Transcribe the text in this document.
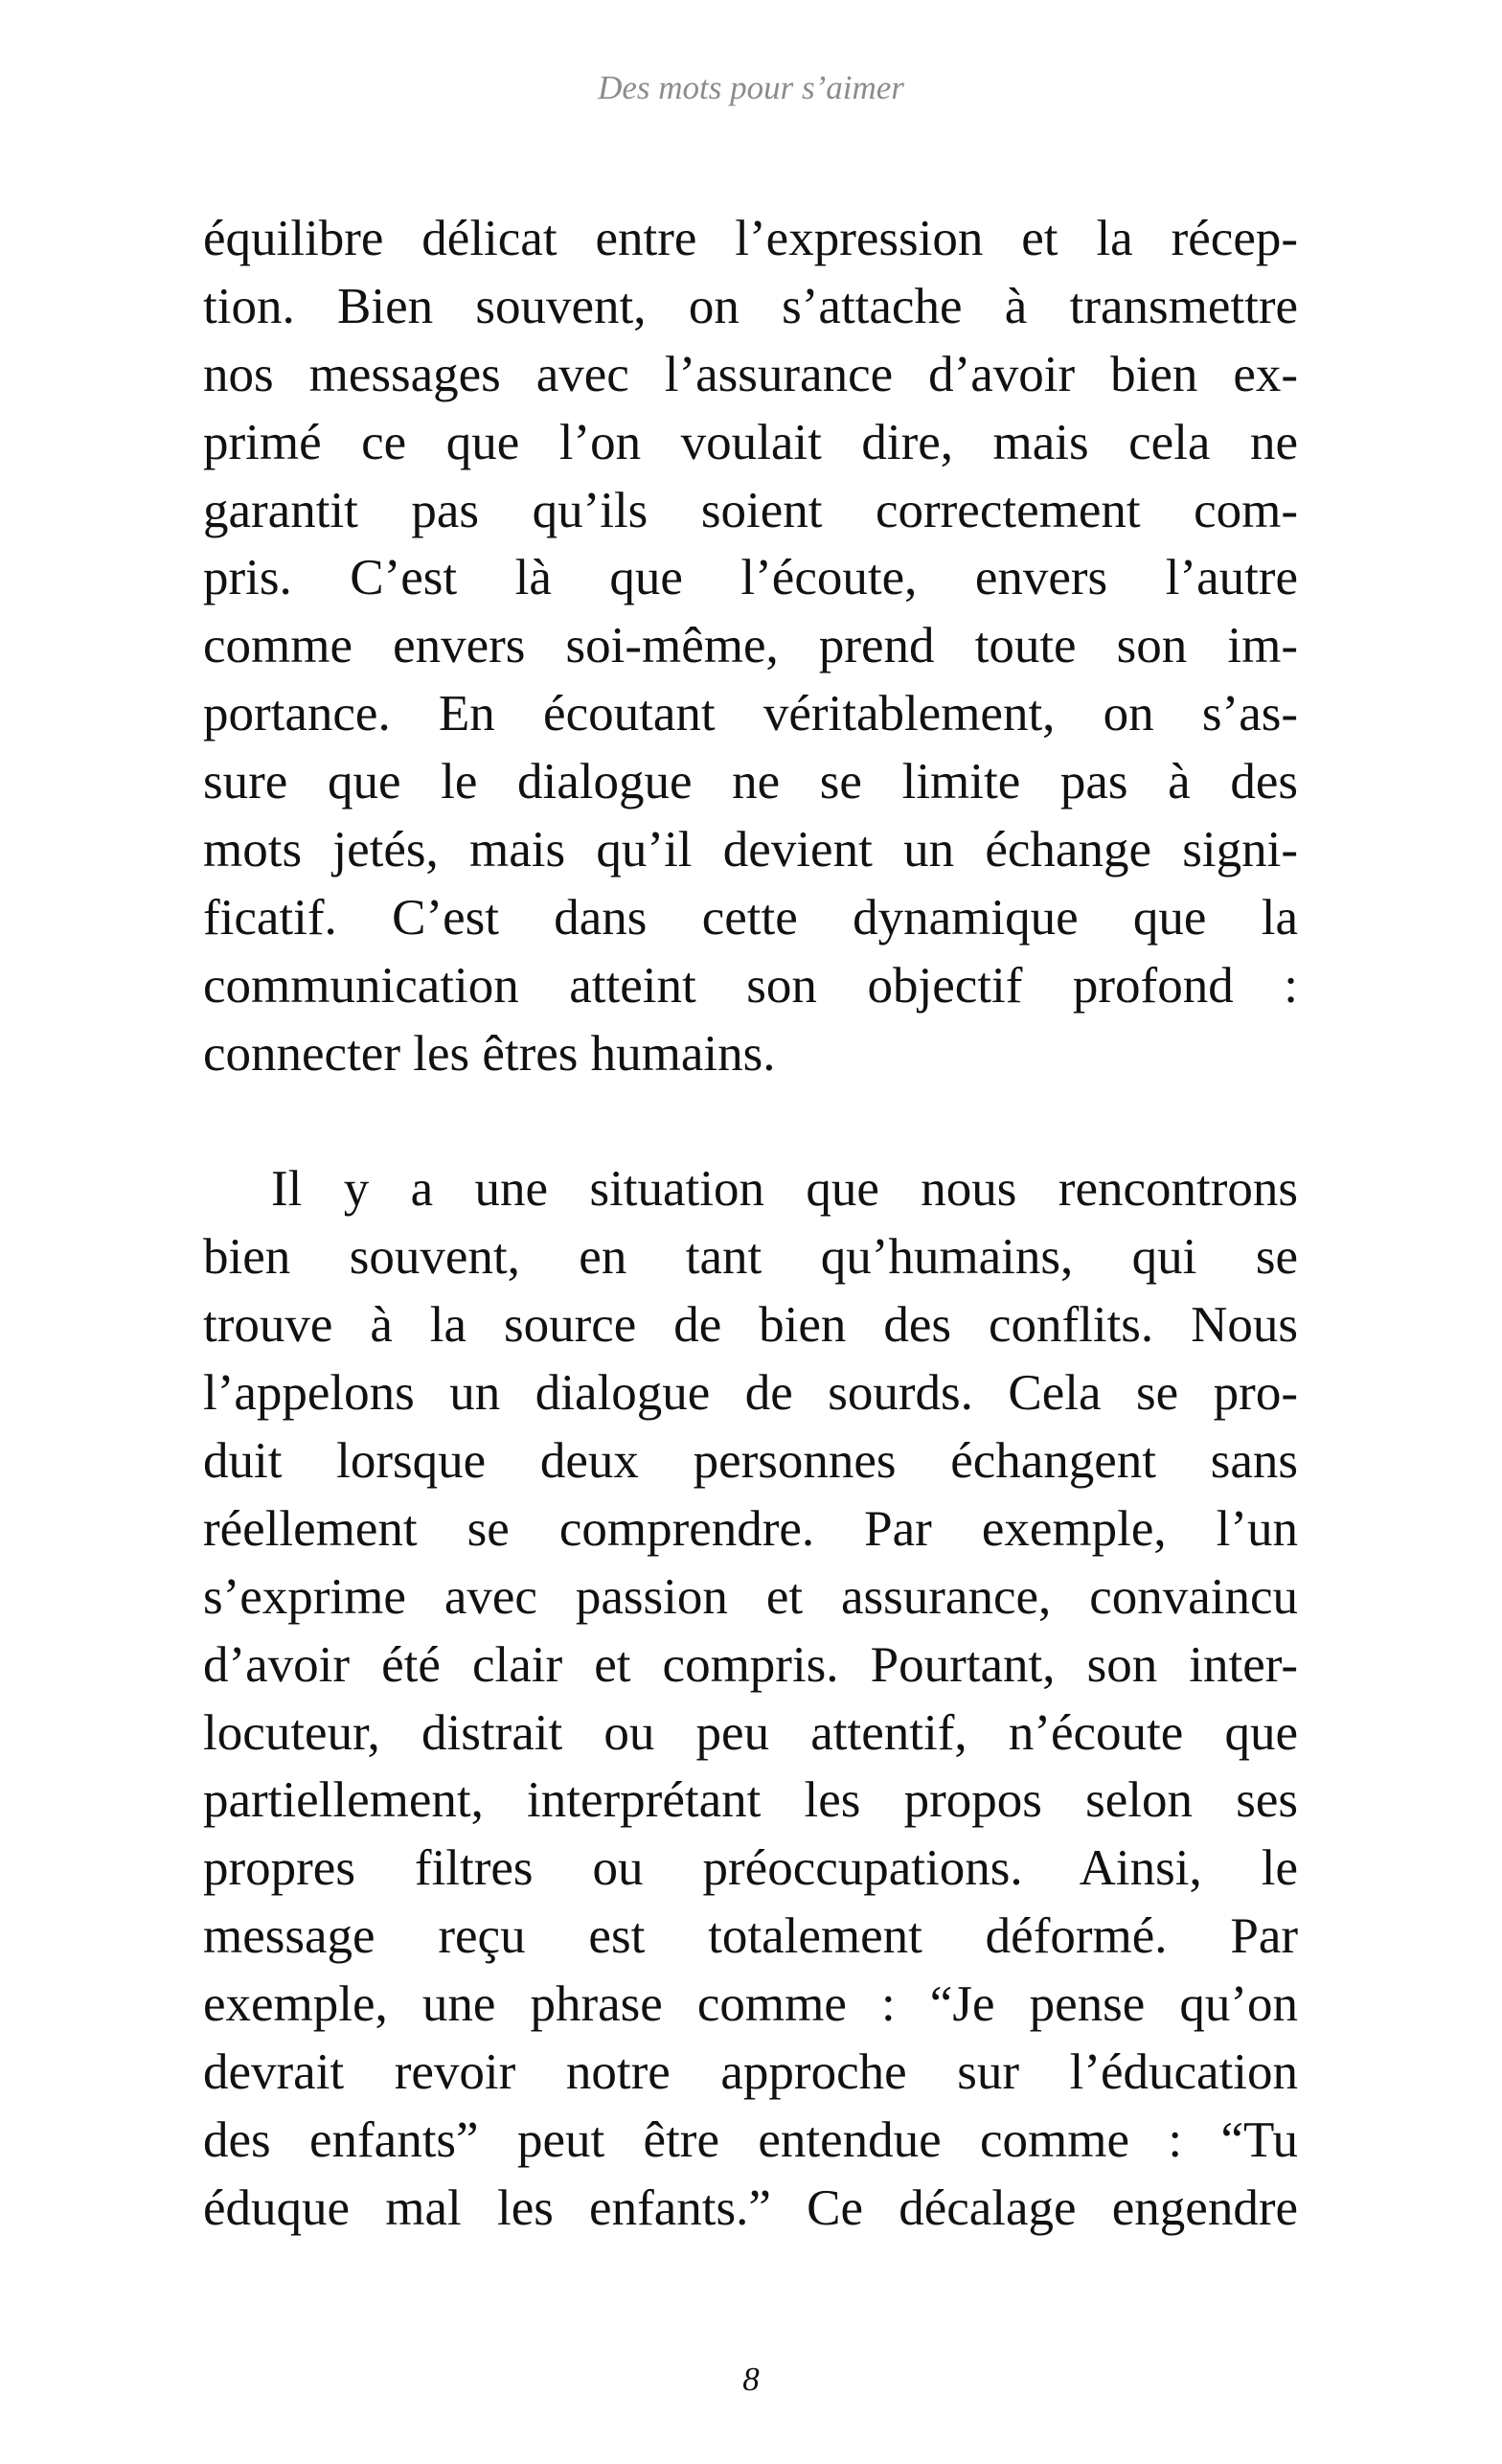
Des mots pour s’aimer

équilibre délicat entre l’expression et la récep-
tion. Bien souvent, on s’attache à transmettre
nos messages avec l’assurance d’avoir bien ex-
primé ce que l’on voulait dire, mais cela ne
garantit pas qu’ils soient correctement com-
pris. C’est là que l’écoute, envers l’autre
comme envers soi-même, prend toute son im-
portance. En écoutant véritablement, on s’as-
sure que le dialogue ne se limite pas à des
mots jetés, mais qu’il devient un échange signi-
ficatif. C’est dans cette dynamique que la
communication atteint son objectif profond :
connecter les êtres humains.

Il y a une situation que nous rencontrons
bien souvent, en tant qu’humains, qui se
trouve à la source de bien des conflits. Nous
l’appelons un dialogue de sourds. Cela se pro-
duit lorsque deux personnes échangent sans
réellement se comprendre. Par exemple, l’un
s’exprime avec passion et assurance, convaincu
d’avoir été clair et compris. Pourtant, son inter-
locuteur, distrait ou peu attentif, n’écoute que
partiellement, interprétant les propos selon ses
propres filtres ou préoccupations. Ainsi, le
message reçu est totalement déformé. Par
exemple, une phrase comme : “Je pense qu’on
devrait revoir notre approche sur l’éducation
des enfants” peut être entendue comme : “Tu
éduque mal les enfants.” Ce décalage engendre

8
